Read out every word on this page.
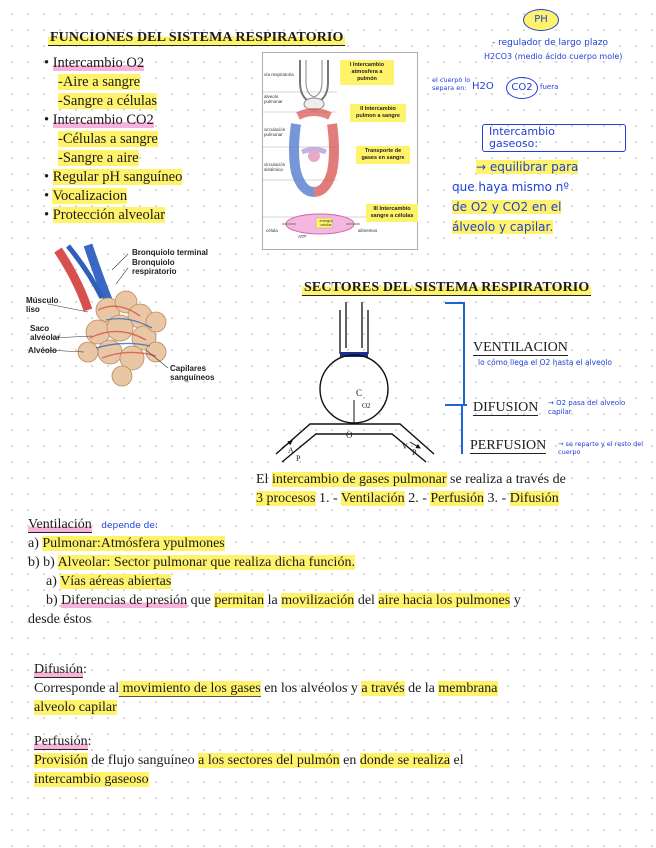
FUNCIONES DEL SISTEMA RESPIRATORIO
• Intercambio O2
-Aire a sangre
-Sangre a células
• Intercambio CO2
-Células a sangre
-Sangre a aire
• Regular pH sanguíneo
• Vocalizacion
• Protección alveolar
vía respiratoria
alveolo pulmonar
circulación pulmonar
circulación sistémica
célula
ATP
alimentos
energía celular
I Intercambio atmosfera a pulmón
II Intercambio pulmon a sangre
Transporte de gases en sangre
III Intercambio sangre a células
PH
- regulador de largo plazo
H2CO3 (medio ácido cuerpo mole)
el cuerpo lo separa en: H2O	CO2	fuera
Intercambio gaseoso:
→ equilibrar para
que haya mismo nº
de O2 y CO2 en el
álveolo y capilar.
Bronquiolo terminal
Bronquiolo respiratorio
Músculo liso
Saco alveolar
Alvéolo
Capilares sanguíneos
SECTORES DEL SISTEMA RESPIRATORIO
C
O2
O
A
P
V
P
VENTILACION
lo cómo llega el O2 hasta el alveolo
DIFUSION → O2 pasa del alveolo capilar
PERFUSION → se reparte y el resto del cuerpo
El intercambio de gases pulmonar se realiza a través de
3 procesos 1. - Ventilación 2. - Perfusión 3. - Difusión
Ventilación depende de:
a) Pulmonar:Atmósfera ypulmones
b) b) Alveolar: Sector pulmonar que realiza dicha función.
a) Vías aéreas abiertas
b) Diferencias de presión que permitan la movilización del aire hacia los pulmones y
desde éstos
Difusión:
Corresponde al movimiento de los gases en los alvéolos y a través de la membrana
alveolo capilar
Perfusión:
Provisión de flujo sanguíneo a los sectores del pulmón en donde se realiza el
intercambio gaseoso
